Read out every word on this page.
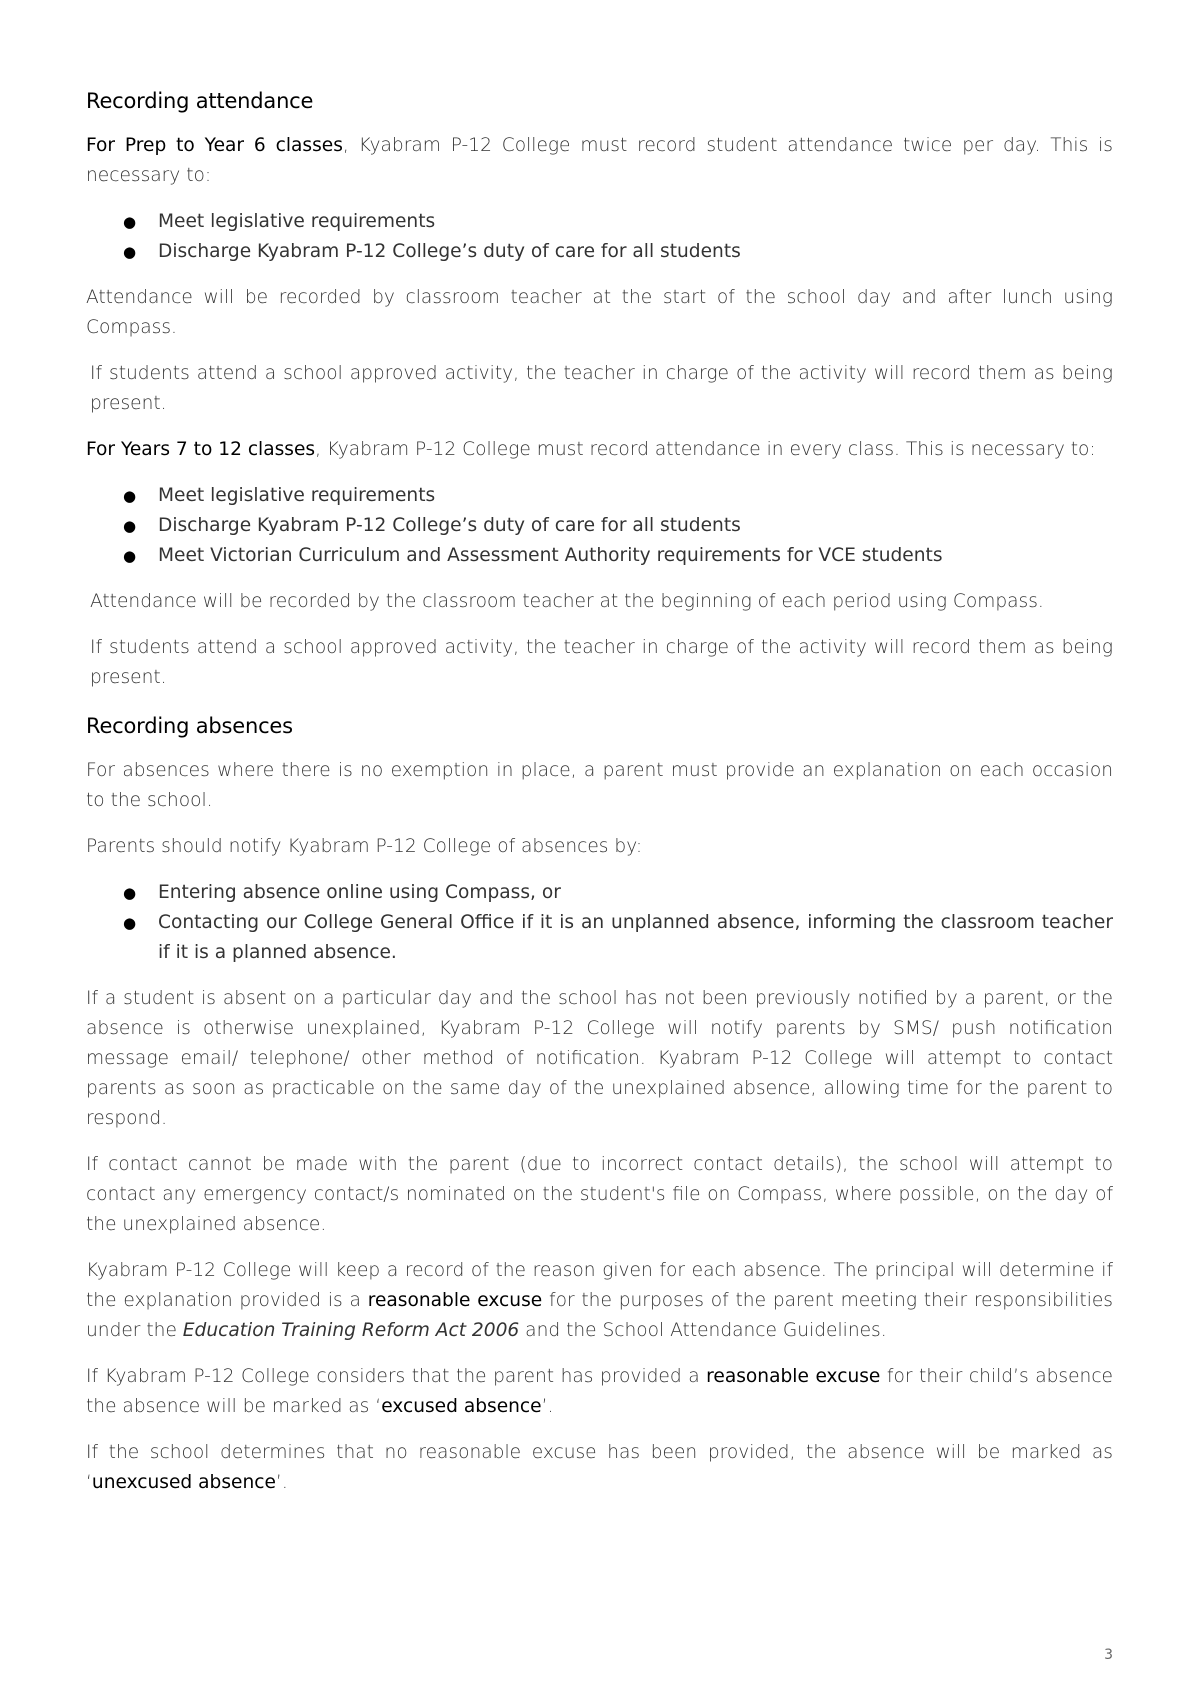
Recording attendance

For Prep to Year 6 classes, Kyabram P-12 College must record student attendance twice per day. This is necessary to:

● Meet legislative requirements
● Discharge Kyabram P-12 College’s duty of care for all students

Attendance will be recorded by classroom teacher at the start of the school day and after lunch using Compass.

If students attend a school approved activity, the teacher in charge of the activity will record them as being present.

For Years 7 to 12 classes, Kyabram P-12 College must record attendance in every class. This is necessary to:

● Meet legislative requirements
● Discharge Kyabram P-12 College’s duty of care for all students
● Meet Victorian Curriculum and Assessment Authority requirements for VCE students

Attendance will be recorded by the classroom teacher at the beginning of each period using Compass.

If students attend a school approved activity, the teacher in charge of the activity will record them as being present.

Recording absences

For absences where there is no exemption in place, a parent must provide an explanation on each occasion to the school.

Parents should notify Kyabram P-12 College of absences by:

● Entering absence online using Compass, or
● Contacting our College General Office if it is an unplanned absence, informing the classroom teacher if it is a planned absence.

If a student is absent on a particular day and the school has not been previously notified by a parent, or the absence is otherwise unexplained, Kyabram P-12 College will notify parents by SMS/ push notification message email/ telephone/ other method of notification. Kyabram P-12 College will attempt to contact parents as soon as practicable on the same day of the unexplained absence, allowing time for the parent to respond.

If contact cannot be made with the parent (due to incorrect contact details), the school will attempt to contact any emergency contact/s nominated on the student's file on Compass, where possible, on the day of the unexplained absence.

Kyabram P-12 College will keep a record of the reason given for each absence. The principal will determine if the explanation provided is a reasonable excuse for the purposes of the parent meeting their responsibilities under the Education Training Reform Act 2006 and the School Attendance Guidelines.

If Kyabram P-12 College considers that the parent has provided a reasonable excuse for their child’s absence the absence will be marked as ‘excused absence’.

If the school determines that no reasonable excuse has been provided, the absence will be marked as ‘unexcused absence’.

3
